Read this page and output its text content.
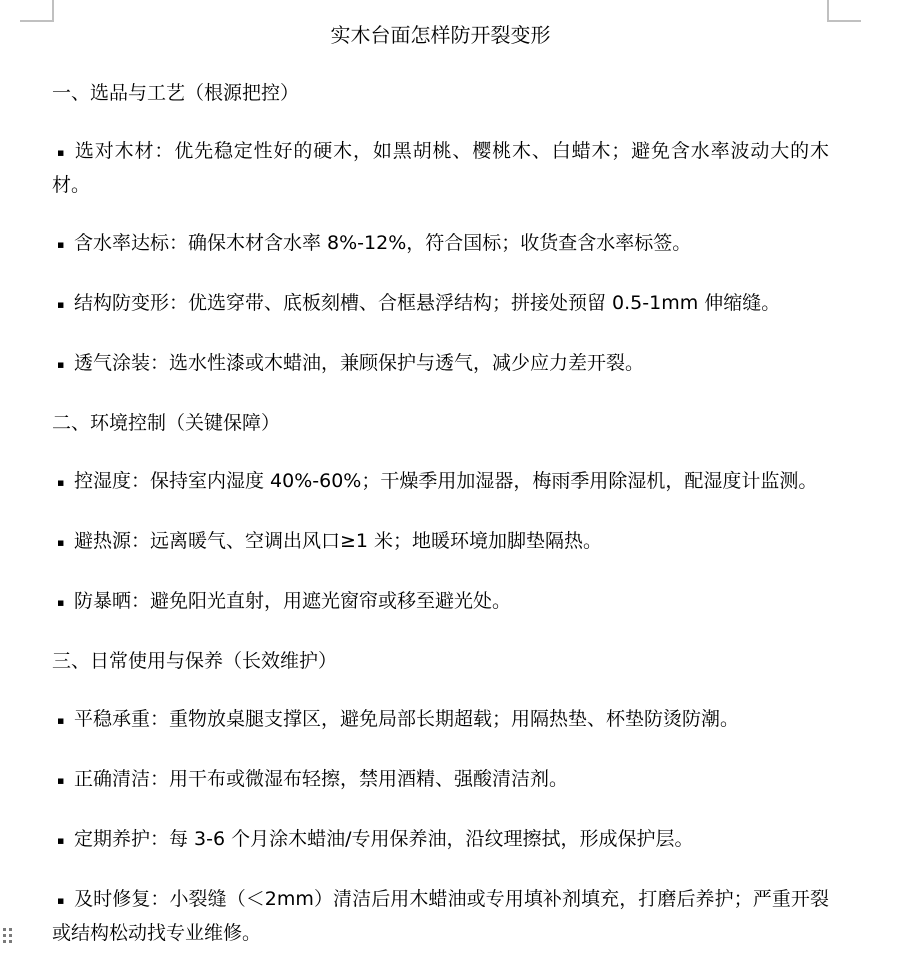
实木台面怎样防开裂变形

一、选品与工艺（根源把控）

▪ 选对木材：优先稳定性好的硬木，如黑胡桃、樱桃木、白蜡木；避免含水率波动大的木材。

▪ 含水率达标：确保木材含水率 8%-12%，符合国标；收货查含水率标签。

▪ 结构防变形：优选穿带、底板刻槽、合框悬浮结构；拼接处预留 0.5-1mm 伸缩缝。

▪ 透气涂装：选水性漆或木蜡油，兼顾保护与透气，减少应力差开裂。

二、环境控制（关键保障）

▪ 控湿度：保持室内湿度 40%-60%；干燥季用加湿器，梅雨季用除湿机，配湿度计监测。

▪ 避热源：远离暖气、空调出风口≥1 米；地暖环境加脚垫隔热。

▪ 防暴晒：避免阳光直射，用遮光窗帘或移至避光处。

三、日常使用与保养（长效维护）

▪ 平稳承重：重物放桌腿支撑区，避免局部长期超载；用隔热垫、杯垫防烫防潮。

▪ 正确清洁：用干布或微湿布轻擦，禁用酒精、强酸清洁剂。

▪ 定期养护：每 3-6 个月涂木蜡油/专用保养油，沿纹理擦拭，形成保护层。

▪ 及时修复：小裂缝（＜2mm）清洁后用木蜡油或专用填补剂填充，打磨后养护；严重开裂或结构松动找专业维修。
